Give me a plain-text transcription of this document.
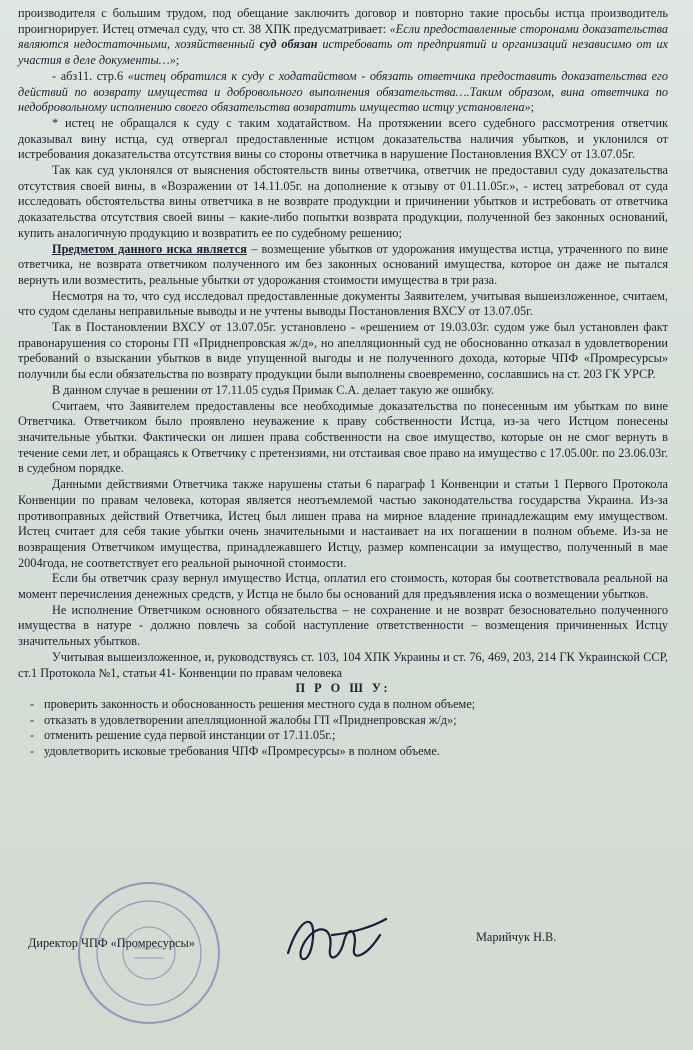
производителя с большим трудом, под обещание заключить договор и повторно такие просьбы истца производитель проигнорирует. Истец отмечал суду, что ст. 38 ХПК предусматривает: «Если предоставленные сторонами доказательства являются недостаточными, хозяйственный суд обязан истребовать от предприятий и организаций независимо от их участия в деле документы…»;

- абз11. стр.6 «истец обратился к суду с ходатайством - обязать ответчика предоставить доказательства его действий по возврату имущества и добровольного выполнения обязательства….Таким образом, вина ответчика по недобровольному исполнению своего обязательства возвратить имущество истцу установлена»;

* истец не обращался к суду с таким ходатайством. На протяжении всего судебного рассмотрения ответчик доказывал вину истца, суд отвергал предоставленные истцом доказательства наличия убытков, и уклонился от истребования доказательства отсутствия вины со стороны ответчика в нарушение Постановления ВХСУ от 13.07.05г.

Так как суд уклонялся от выяснения обстоятельств вины ответчика, ответчик не предоставил суду доказательства отсутствия своей вины, в «Возражении от 14.11.05г. на дополнение к отзыву от 01.11.05г.», - истец затребовал от суда исследовать обстоятельства вины ответчика в не возврате продукции и причинении убытков и истребовать от ответчика доказательства отсутствия своей вины – какие-либо попытки возврата продукции, полученной без законных оснований, купить аналогичную продукцию и возвратить ее по судебному решению;

Предметом данного иска является – возмещение убытков от удорожания имущества истца, утраченного по вине ответчика, не возврата ответчиком полученного им без законных оснований имущества, которое он даже не пытался вернуть или возместить, реальные убытки от удорожания стоимости имущества в три раза.

Несмотря на то, что суд исследовал предоставленные документы Заявителем, учитывая вышеизложенное, считаем, что судом сделаны неправильные выводы и не учтены выводы Постановления ВХСУ от 13.07.05г.

Так в Постановлении ВХСУ от 13.07.05г. установлено - «решением от 19.03.03г. судом уже был установлен факт правонарушения со стороны ГП «Приднепровская ж/д», но апелляционный суд не обоснованно отказал в удовлетворении требований о взыскании убытков в виде упущенной выгоды и не полученного дохода, которые ЧПФ «Промресурсы» получили бы если обязательства по возврату продукции были выполнены своевременно, сославшись на ст. 203 ГК УРСР.

В данном случае в решении от 17.11.05 судья Примак С.А. делает такую же ошибку.

Считаем, что Заявителем предоставлены все необходимые доказательства по понесенным им убыткам по вине Ответчика. Ответчиком было проявлено неуважение к праву собственности Истца, из-за чего Истцом понесены значительные убытки. Фактически он лишен права собственности на свое имущество, которые он не смог вернуть в течение семи лет, и обращаясь к Ответчику с претензиями, ни отстаивая свое право на имущество с 17.05.00г. по 23.06.03г. в судебном порядке.

Данными действиями Ответчика также нарушены статьи 6 параграф 1 Конвенции и статьи 1 Первого Протокола Конвенции по правам человека, которая является неотъемлемой частью законодательства государства Украина. Из-за противоправных действий Ответчика, Истец был лишен права на мирное владение принадлежащим ему имуществом. Истец считает для себя такие убытки очень значительными и настаивает на их погашении в полном объеме. Из-за не возвращения Ответчиком имущества, принадлежавшего Истцу, размер компенсации за имущество, полученный в мае 2004года, не соответствует его реальной рыночной стоимости.

Если бы ответчик сразу вернул имущество Истца, оплатил его стоимость, которая бы соответствовала реальной на момент перечисления денежных средств, у Истца не было бы оснований для предъявления иска о возмещении убытков.

Не исполнение Ответчиком основного обязательства – не сохранение и не возврат безосновательно полученного имущества в натуре - должно повлечь за собой наступление ответственности – возмещения причиненных Истцу значительных убытков.

Учитывая вышеизложенное, и, руководствуясь ст. 103, 104 ХПК Украины и ст. 76, 469, 203, 214 ГК Украинской ССР, ст.1 Протокола №1, статьи 41- Конвенции по правам человека

П Р О Ш У:

- проверить законность и обоснованность решения местного суда в полном объеме;
- отказать в удовлетворении апелляционной жалобы ГП «Приднепровская ж/д»;
- отменить решение суда первой инстанции от 17.11.05г.;
- удовлетворить исковые требования ЧПФ «Промресурсы» в полном объеме.
Директор ЧПФ «Промресурсы»	Марийчук Н.В.
